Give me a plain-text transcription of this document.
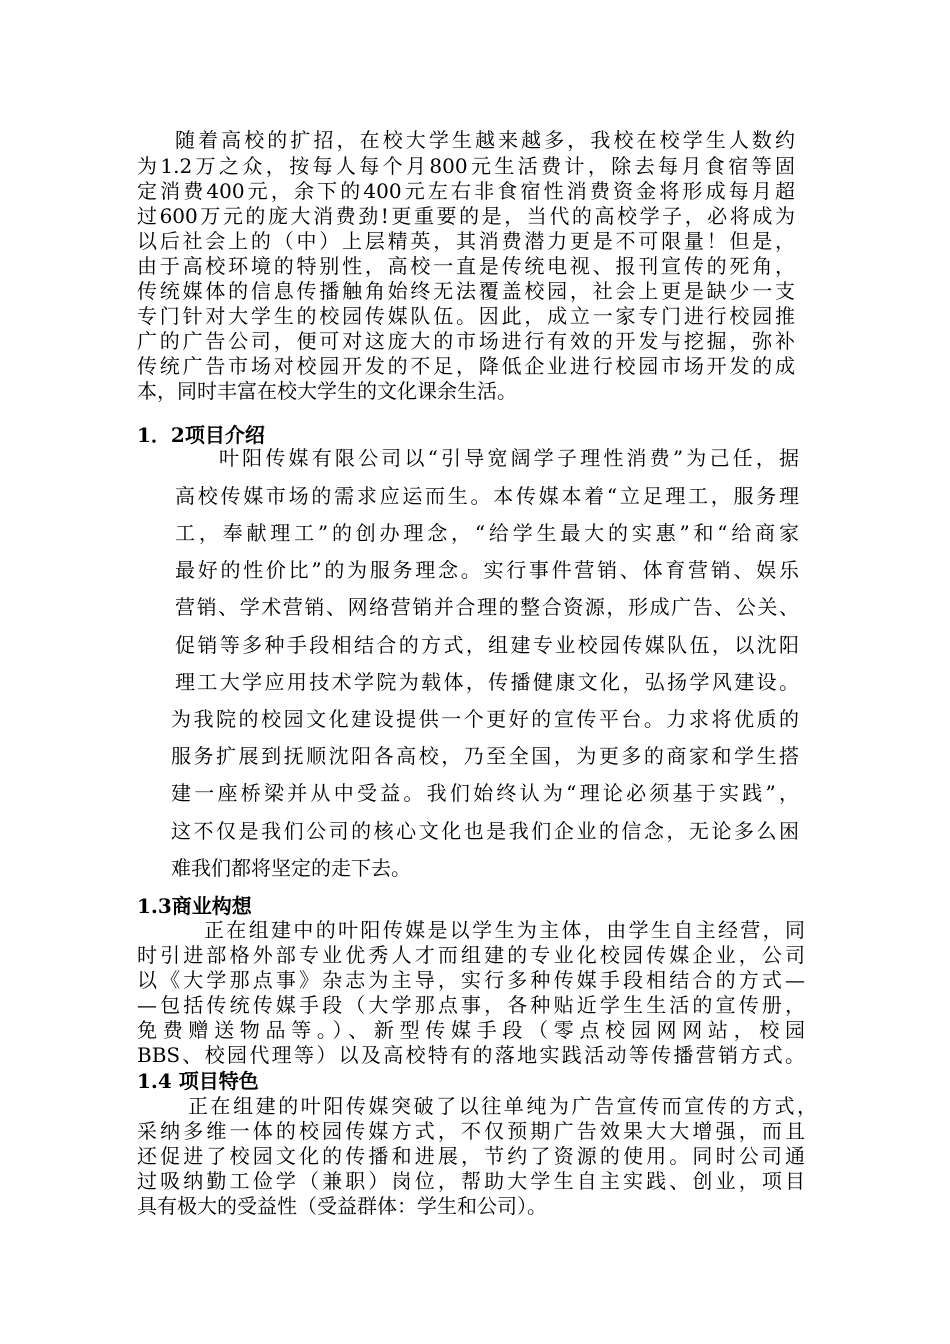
随着高校的扩招，在校大学生越来越多，我校在校学生人数约
为1.2万之众，按每人每个月800元生活费计，除去每月食宿等固
定消费400元，余下的400元左右非食宿性消费资金将形成每月超
过600万元的庞大消费劲!更重要的是，当代的高校学子，必将成为
以后社会上的（中）上层精英，其消费潜力更是不可限量！但是，
由于高校环境的特别性，高校一直是传统电视、报刊宣传的死角，
传统媒体的信息传播触角始终无法覆盖校园，社会上更是缺少一支
专门针对大学生的校园传媒队伍。因此，成立一家专门进行校园推
广的广告公司，便可对这庞大的市场进行有效的开发与挖掘，弥补
传统广告市场对校园开发的不足，降低企业进行校园市场开发的成
本，同时丰富在校大学生的文化课余生活。
1．2项目介绍
叶阳传媒有限公司以“引导宽阔学子理性消费”为己任，据
高校传媒市场的需求应运而生。本传媒本着“立足理工，服务理
工，奉献理工”的创办理念，“给学生最大的实惠”和“给商家
最好的性价比”的为服务理念。实行事件营销、体育营销、娱乐
营销、学术营销、网络营销并合理的整合资源，形成广告、公关、
促销等多种手段相结合的方式，组建专业校园传媒队伍，以沈阳
理工大学应用技术学院为载体，传播健康文化，弘扬学风建设。
为我院的校园文化建设提供一个更好的宣传平台。力求将优质的
服务扩展到抚顺沈阳各高校，乃至全国，为更多的商家和学生搭
建一座桥梁并从中受益。我们始终认为“理论必须基于实践”，
这不仅是我们公司的核心文化也是我们企业的信念，无论多么困
难我们都将坚定的走下去。
1.3商业构想
正在组建中的叶阳传媒是以学生为主体，由学生自主经营，同
时引进部格外部专业优秀人才而组建的专业化校园传媒企业，公司
以《大学那点事》杂志为主导，实行多种传媒手段相结合的方式—
—包括传统传媒手段（大学那点事，各种贴近学生生活的宣传册，
免费赠送物品等。）、新型传媒手段（零点校园网网站，校园
BBS、校园代理等）以及高校特有的落地实践活动等传播营销方式。
1.4 项目特色
正在组建的叶阳传媒突破了以往单纯为广告宣传而宣传的方式，
采纳多维一体的校园传媒方式，不仅预期广告效果大大增强，而且
还促进了校园文化的传播和进展，节约了资源的使用。同时公司通
过吸纳勤工俭学（兼职）岗位，帮助大学生自主实践、创业，项目
具有极大的受益性（受益群体：学生和公司）。
